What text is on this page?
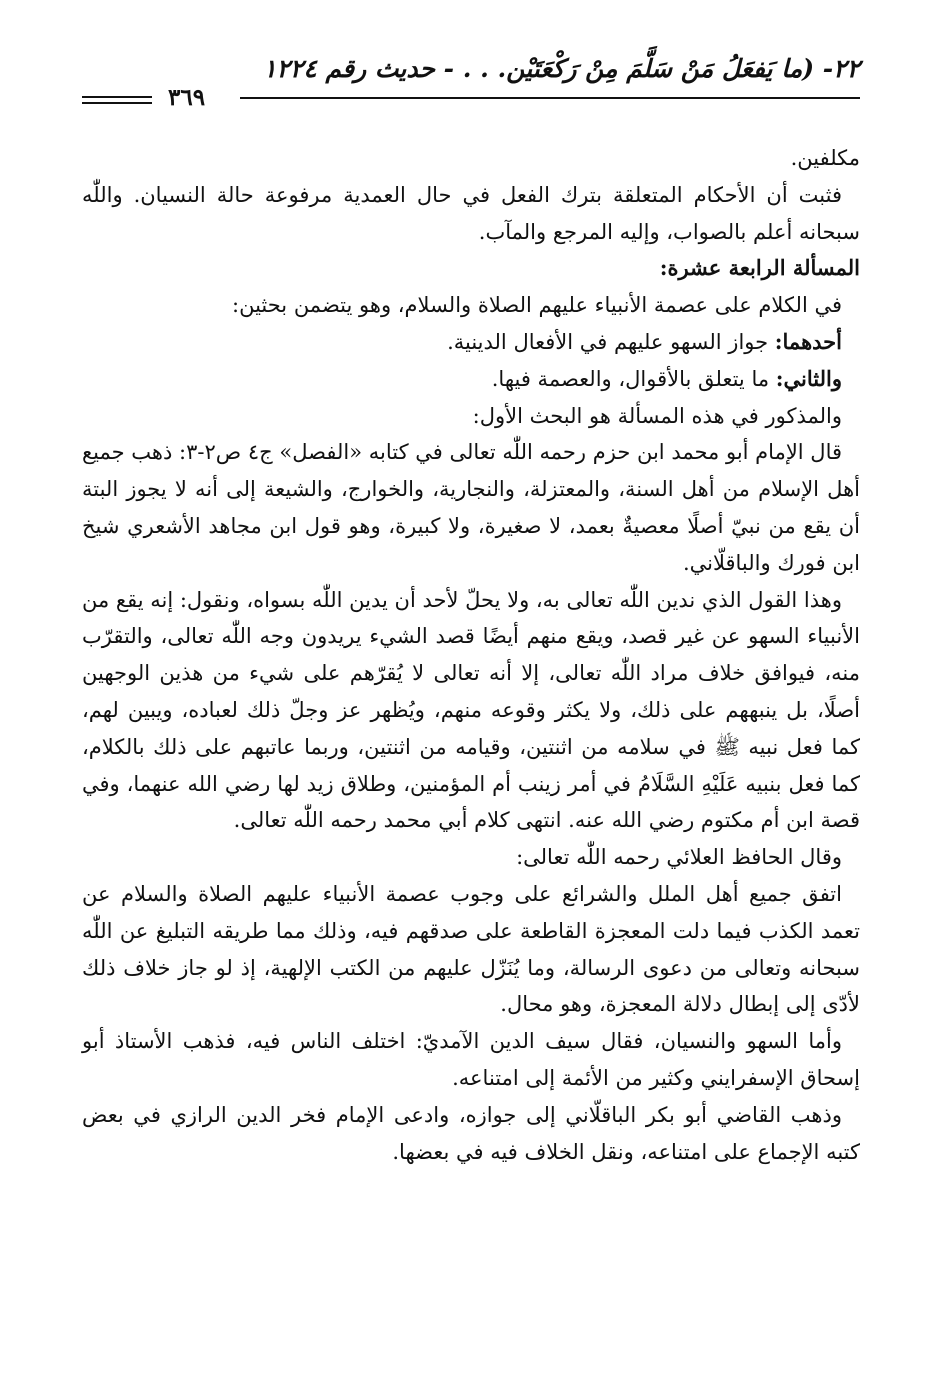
٢٢- (ما يَفعَلُ مَنْ سَلَّمَ مِنْ رَكْعَتَيْن. . . - حديث رقم ١٢٢٤
٣٦٩

مكلفين.

فثبت أن الأحكام المتعلقة بترك الفعل في حال العمدية مرفوعة حالة النسيان. واللّٰه سبحانه أعلم بالصواب، وإليه المرجع والمآب.

المسألة الرابعة عشرة:

في الكلام على عصمة الأنبياء عليهم الصلاة والسلام، وهو يتضمن بحثين:

أحدهما: جواز السهو عليهم في الأفعال الدينية.

والثاني: ما يتعلق بالأقوال، والعصمة فيها.

والمذكور في هذه المسألة هو البحث الأول:

قال الإمام أبو محمد ابن حزم رحمه اللّٰه تعالى في كتابه «الفصل» ج٤ ص٢-٣: ذهب جميع أهل الإسلام من أهل السنة، والمعتزلة، والنجارية، والخوارج، والشيعة إلى أنه لا يجوز البتة أن يقع من نبيّ أصلًا معصيةٌ بعمد، لا صغيرة، ولا كبيرة، وهو قول ابن مجاهد الأشعري شيخ ابن فورك والباقلّاني.

وهذا القول الذي ندين اللّٰه تعالى به، ولا يحلّ لأحد أن يدين اللّٰه بسواه، ونقول: إنه يقع من الأنبياء السهو عن غير قصد، ويقع منهم أيضًا قصد الشيء يريدون وجه اللّٰه تعالى، والتقرّب منه، فيوافق خلاف مراد اللّٰه تعالى، إلا أنه تعالى لا يُقرّهم على شيء من هذين الوجهين أصلًا، بل ينبههم على ذلك، ولا يكثر وقوعه منهم، ويُظهر عز وجلّ ذلك لعباده، ويبين لهم، كما فعل نبيه ﷺ في سلامه من اثنتين، وقيامه من اثنتين، وربما عاتبهم على ذلك بالكلام، كما فعل بنبيه عَلَيْهِ السَّلَامُ في أمر زينب أم المؤمنين، وطلاق زيد لها رضي الله عنهما، وفي قصة ابن أم مكتوم رضي الله عنه. انتهى كلام أبي محمد رحمه اللّٰه تعالى.

وقال الحافظ العلائي رحمه اللّٰه تعالى:

اتفق جميع أهل الملل والشرائع على وجوب عصمة الأنبياء عليهم الصلاة والسلام عن تعمد الكذب فيما دلت المعجزة القاطعة على صدقهم فيه، وذلك مما طريقه التبليغ عن اللّٰه سبحانه وتعالى من دعوى الرسالة، وما يُنَزّل عليهم من الكتب الإلهية، إذ لو جاز خلاف ذلك لأدّى إلى إبطال دلالة المعجزة، وهو محال.

وأما السهو والنسيان، فقال سيف الدين الآمديّ: اختلف الناس فيه، فذهب الأستاذ أبو إسحاق الإسفرايني وكثير من الأئمة إلى امتناعه.

وذهب القاضي أبو بكر الباقلّاني إلى جوازه، وادعى الإمام فخر الدين الرازي في بعض كتبه الإجماع على امتناعه، ونقل الخلاف فيه في بعضها.
